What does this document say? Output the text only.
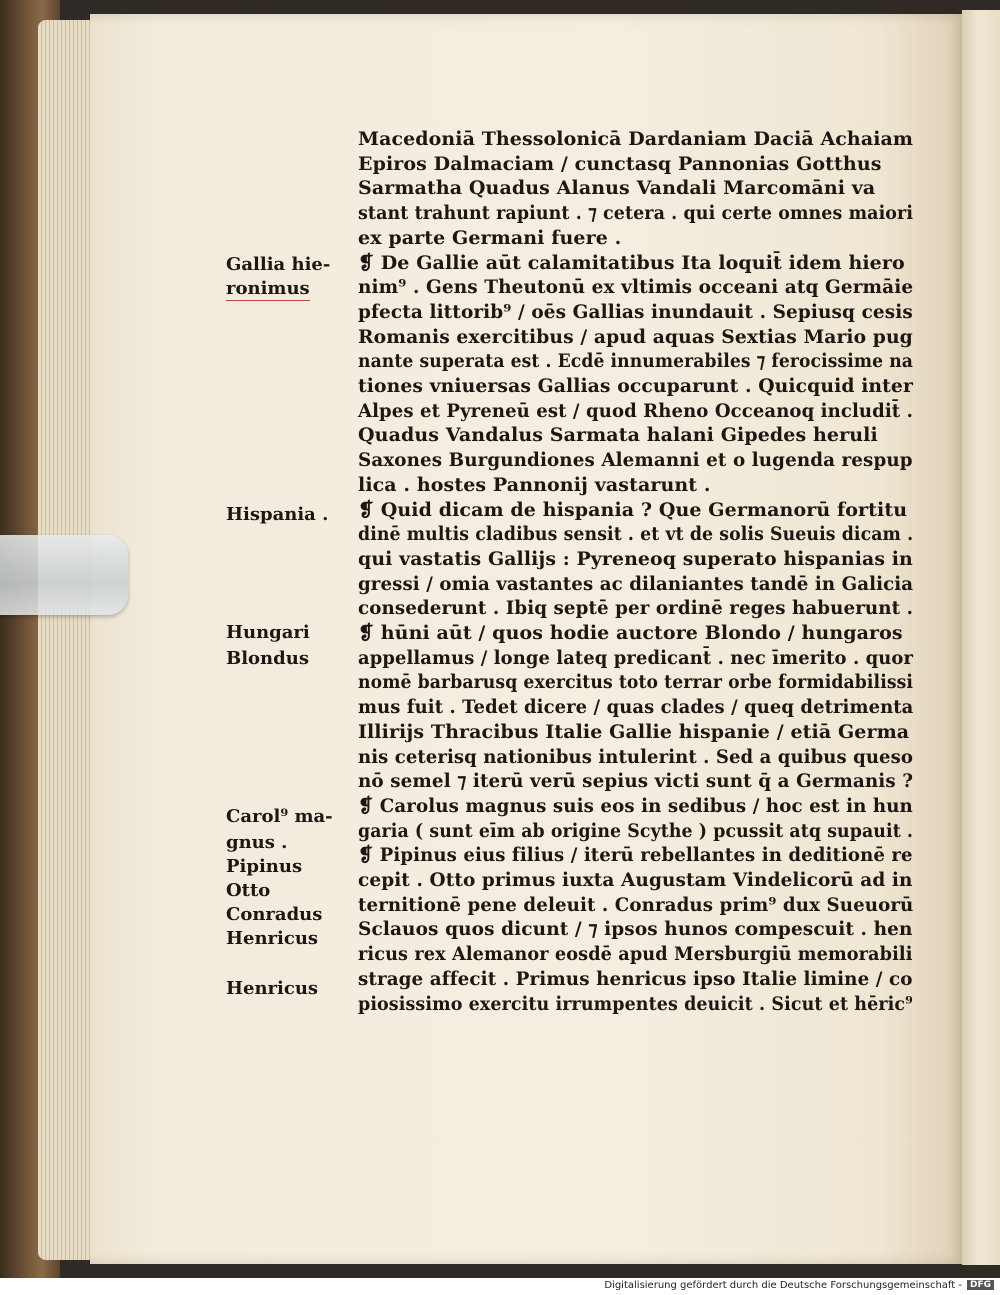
Gallia hie-
ronimus
Hispania .
Hungari
Blondus
Carol⁹ ma-
gnus .
Pipinus
Otto
Conradus
Henricus
Henricus
Macedoniā Thessolonicā Dardaniam Daciā Achaiam
Epiros Dalmaciam / cunctasq Pannonias Gotthus
Sarmatha Quadus Alanus Vandali Marcomāni va
stant trahunt rapiunt . ⁊ cetera . qui certe omnes maiori
ex parte Germani fuere .
❡ De Gallie aūt calamitatibus Ita loquit̄ idem hiero
nim⁹ . Gens Theutonū ex vltimis occeani atq Germāie
pfecta littorib⁹ / oēs Gallias inundauit . Sepiusq cesis
Romanis exercitibus / apud aquas Sextias Mario pug
nante superata est . Ecdē innumerabiles ⁊ ferocissime na
tiones vniuersas Gallias occuparunt . Quicquid inter
Alpes et Pyreneū est / quod Rheno Occeanoq includit̄ .
Quadus Vandalus Sarmata halani Gipedes heruli
Saxones Burgundiones Alemanni et o lugenda respup
lica . hostes Pannonij vastarunt .
❡ Quid dicam de hispania ? Que Germanorū fortitu
dinē multis cladibus sensit . et vt de solis Sueuis dicam .
qui vastatis Gallijs : Pyreneoq superato hispanias in
gressi / omia vastantes ac dilaniantes tandē in Galicia
consederunt . Ibiq septē per ordinē reges habuerunt .
❡ hūni aūt / quos hodie auctore Blondo / hungaros
appellamus / longe lateq predicant̄ . nec īmerito . quor
nomē barbarusq exercitus toto terrar orbe formidabilissi
mus fuit . Tedet dicere / quas clades / queq detrimenta
Illirijs Thracibus Italie Gallie hispanie / etiā Germa
nis ceterisq nationibus intulerint . Sed a quibus queso
nō semel ⁊ iterū verū sepius victi sunt q̄ a Germanis ?
❡ Carolus magnus suis eos in sedibus / hoc est in hun
garia ( sunt eīm ab origine Scythe ) pcussit atq supauit .
❡ Pipinus eius filius / iterū rebellantes in deditionē re
cepit . Otto primus iuxta Augustam Vindelicorū ad in
ternitionē pene deleuit . Conradus prim⁹ dux Sueuorū
Sclauos quos dicunt / ⁊ ipsos hunos compescuit . hen
ricus rex Alemanor eosdē apud Mersburgiū memorabili
strage affecit . Primus henricus ipso Italie limine / co
piosissimo exercitu irrumpentes deuicit . Sicut et hēric⁹
Digitalisierung gefördert durch die Deutsche Forschungsgemeinschaft - DFG
